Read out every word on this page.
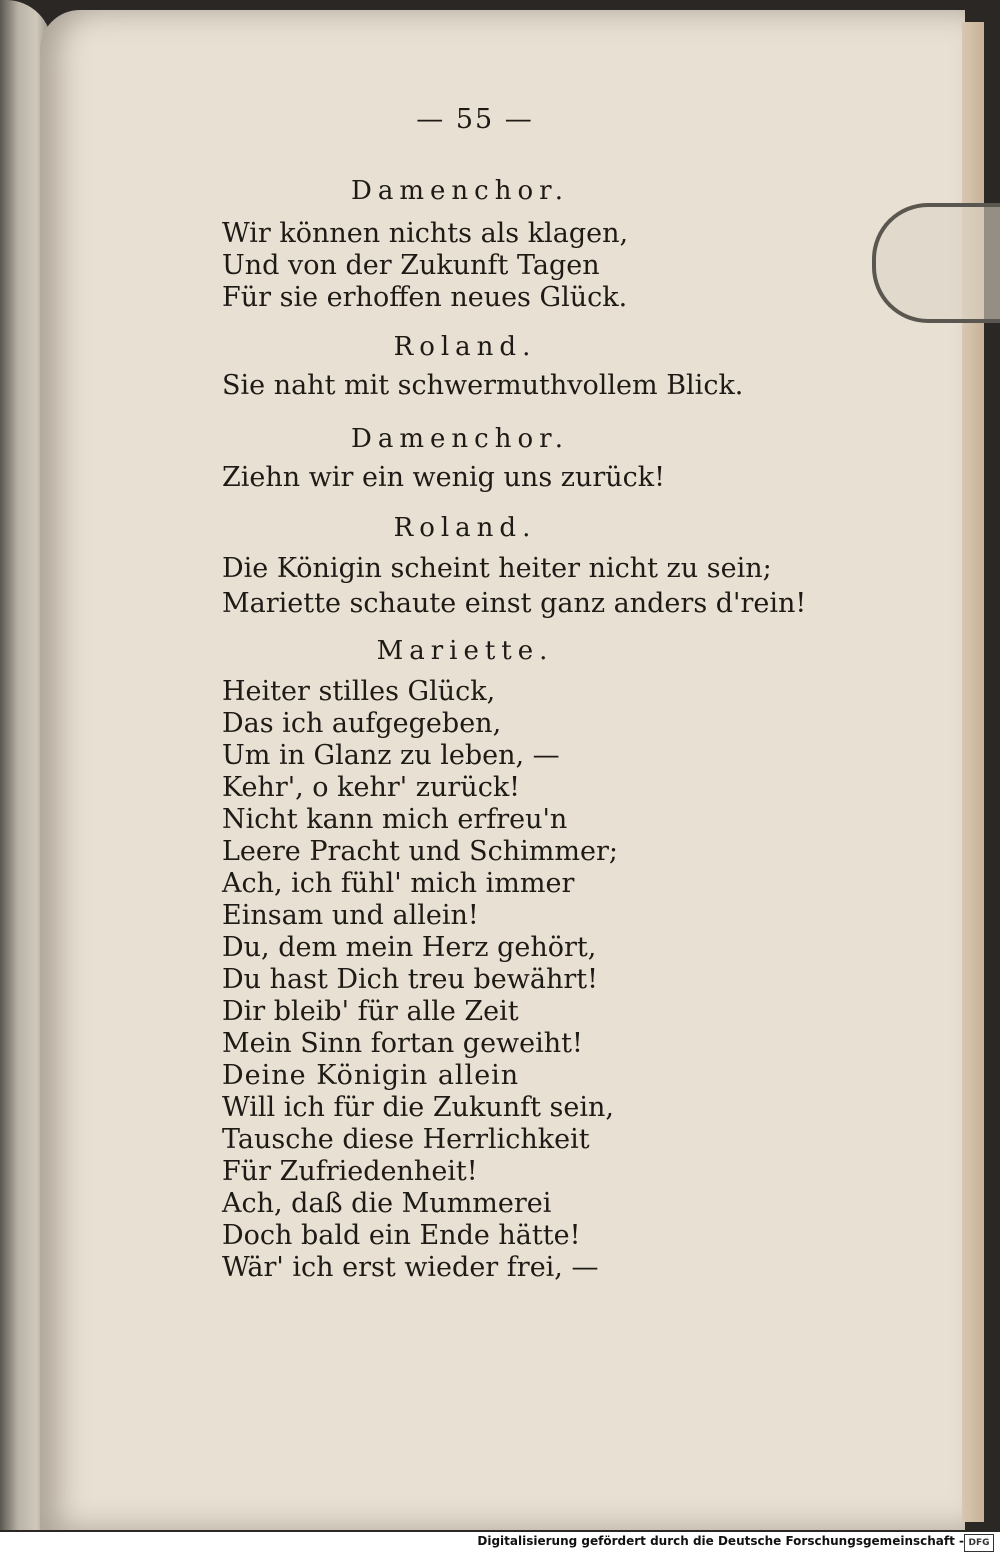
— 55 —
Damenchor.
Wir können nichts als klagen,
Und von der Zukunft Tagen
Für sie erhoffen neues Glück.
Roland.
Sie naht mit schwermuthvollem Blick.
Damenchor.
Ziehn wir ein wenig uns zurück!
Roland.
Die Königin scheint heiter nicht zu sein;
Mariette schaute einst ganz anders d'rein!
Mariette.
Heiter stilles Glück,
Das ich aufgegeben,
Um in Glanz zu leben, —
Kehr', o kehr' zurück!
Nicht kann mich erfreu'n
Leere Pracht und Schimmer;
Ach, ich fühl' mich immer
Einsam und allein!
Du, dem mein Herz gehört,
Du hast Dich treu bewährt!
Dir bleib' für alle Zeit
Mein Sinn fortan geweiht!
Deine Königin allein
Will ich für die Zukunft sein,
Tausche diese Herrlichkeit
Für Zufriedenheit!
Ach, daß die Mummerei
Doch bald ein Ende hätte!
Wär' ich erst wieder frei, —
Digitalisierung gefördert durch die Deutsche Forschungsgemeinschaft - DFG
